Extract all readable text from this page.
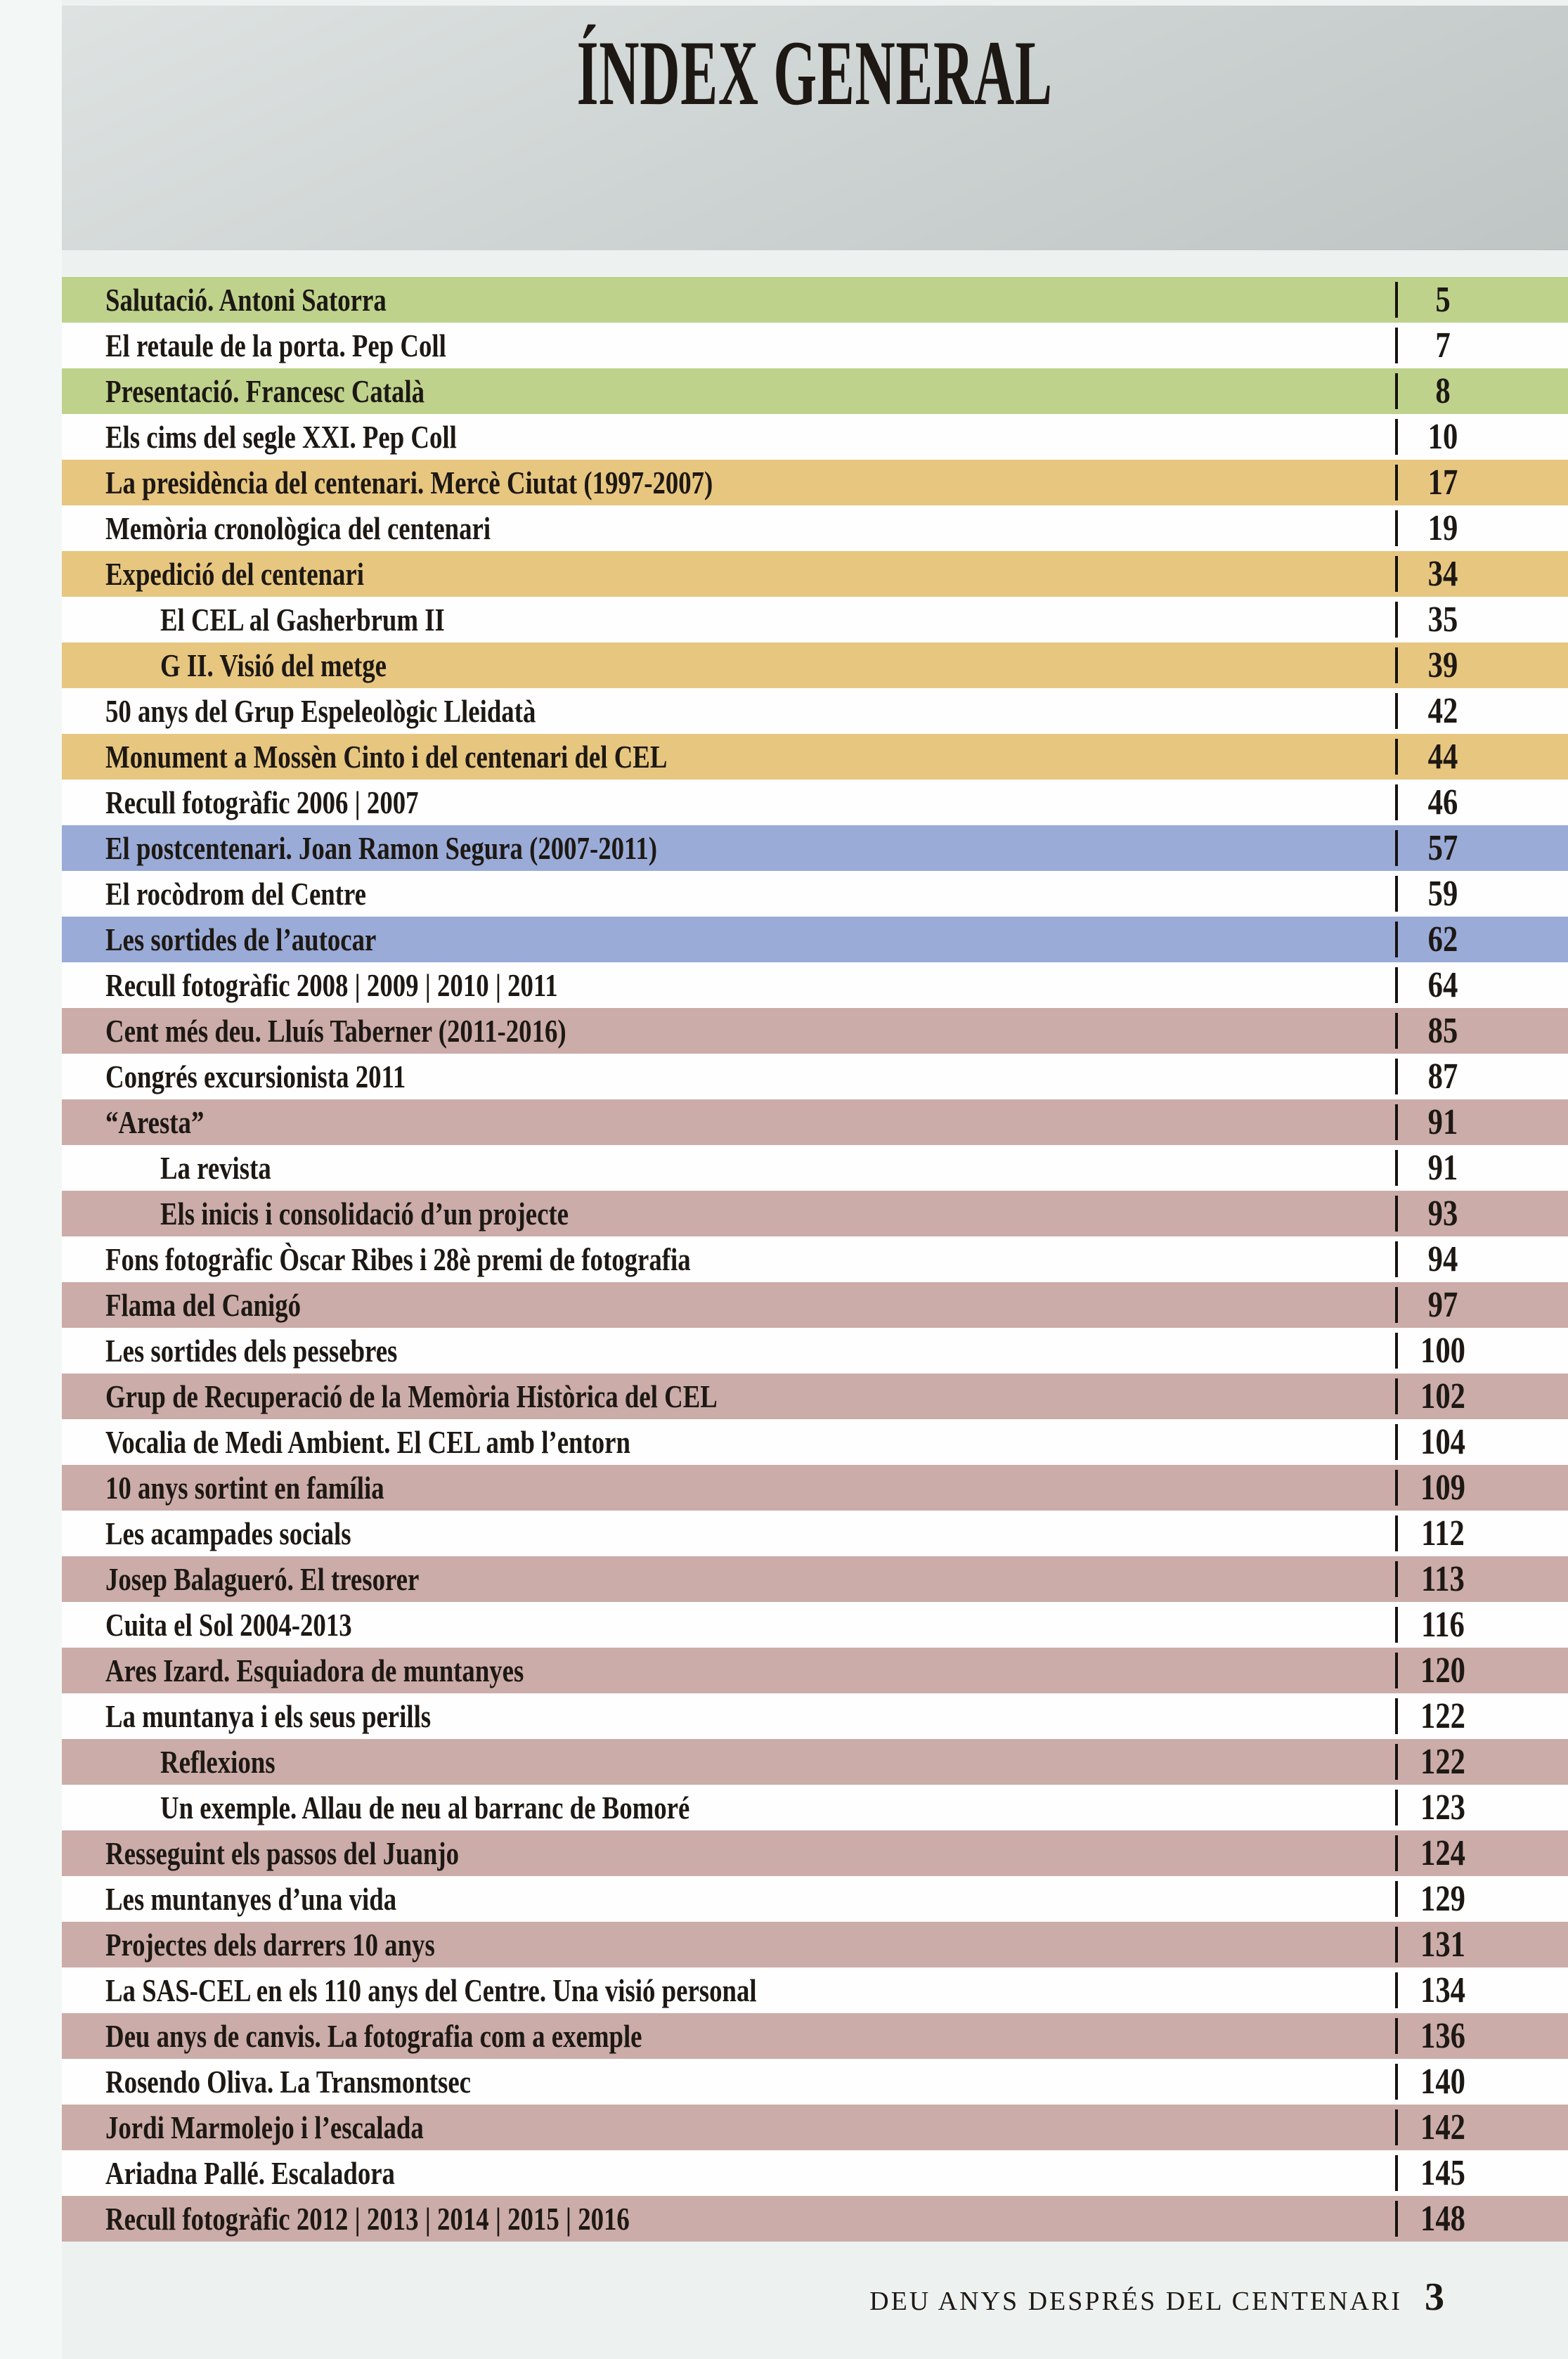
ÍNDEX GENERAL
Salutació. Antoni Satorra	5
El retaule de la porta. Pep Coll	7
Presentació. Francesc Català	8
Els cims del segle XXI. Pep Coll	10
La presidència del centenari. Mercè Ciutat (1997-2007)	17
Memòria cronològica del centenari	19
Expedició del centenari	34
El CEL al Gasherbrum II	35
G II. Visió del metge	39
50 anys del Grup Espeleològic Lleidatà	42
Monument a Mossèn Cinto i del centenari del CEL	44
Recull fotogràfic 2006 | 2007	46
El postcentenari. Joan Ramon Segura (2007-2011)	57
El rocòdrom del Centre	59
Les sortides de l’autocar	62
Recull fotogràfic 2008 | 2009 | 2010 | 2011	64
Cent més deu. Lluís Taberner (2011-2016)	85
Congrés excursionista 2011	87
“Aresta”	91
La revista	91
Els inicis i consolidació d’un projecte	93
Fons fotogràfic Òscar Ribes i 28è premi de fotografia	94
Flama del Canigó	97
Les sortides dels pessebres	100
Grup de Recuperació de la Memòria Històrica del CEL	102
Vocalia de Medi Ambient. El CEL amb l’entorn	104
10 anys sortint en família	109
Les acampades socials	112
Josep Balagueró. El tresorer	113
Cuita el Sol 2004-2013	116
Ares Izard. Esquiadora de muntanyes	120
La muntanya i els seus perills	122
Reflexions	122
Un exemple. Allau de neu al barranc de Bomoré	123
Resseguint els passos del Juanjo	124
Les muntanyes d’una vida	129
Projectes dels darrers 10 anys	131
La SAS-CEL en els 110 anys del Centre. Una visió personal	134
Deu anys de canvis. La fotografia com a exemple	136
Rosendo Oliva. La Transmontsec	140
Jordi Marmolejo i l’escalada	142
Ariadna Pallé. Escaladora	145
Recull fotogràfic 2012 | 2013 | 2014 | 2015 | 2016	148
DEU ANYS DESPRÉS DEL CENTENARI 3
